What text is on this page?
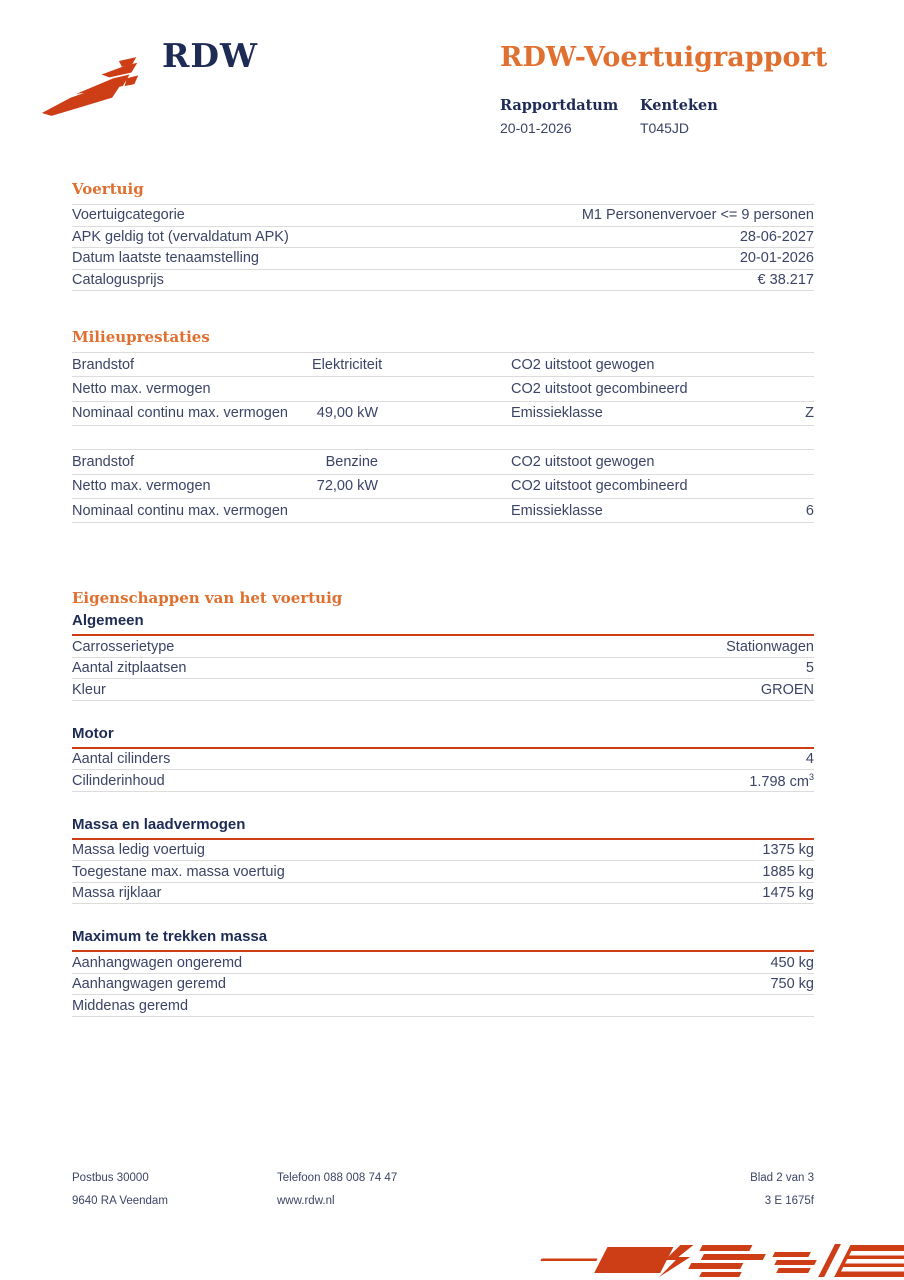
RDW	RDW-Voertuigrapport
Rapportdatum
20-01-2026
Kenteken
T045JD
Voertuig
Voertuigcategorie	M1 Personenvervoer <= 9 personen
APK geldig tot (vervaldatum APK)	28-06-2027
Datum laatste tenaamstelling	20-01-2026
Catalogusprijs	€ 38.217
Milieuprestaties
Brandstof	Elektriciteit	CO2 uitstoot gewogen
Netto max. vermogen	CO2 uitstoot gecombineerd
Nominaal continu max. vermogen	49,00 kW	Emissieklasse	Z
Brandstof	Benzine	CO2 uitstoot gewogen
Netto max. vermogen	72,00 kW	CO2 uitstoot gecombineerd
Nominaal continu max. vermogen	Emissieklasse	6
Eigenschappen van het voertuig
Algemeen
Carrosserietype	Stationwagen
Aantal zitplaatsen	5
Kleur	GROEN
Motor
Aantal cilinders	4
Cilinderinhoud	1.798 $cm^3$
Massa en laadvermogen
Massa ledig voertuig	1375 kg
Toegestane max. massa voertuig	1885 kg
Massa rijklaar	1475 kg
Maximum te trekken massa
Aanhangwagen ongeremd	450 kg
Aanhangwagen geremd	750 kg
Middenas geremd
Postbus 30000
9640 RA Veendam
Telefoon 088 008 74 47
www.rdw.nl
Blad 2 van 3
3 E 1675f
